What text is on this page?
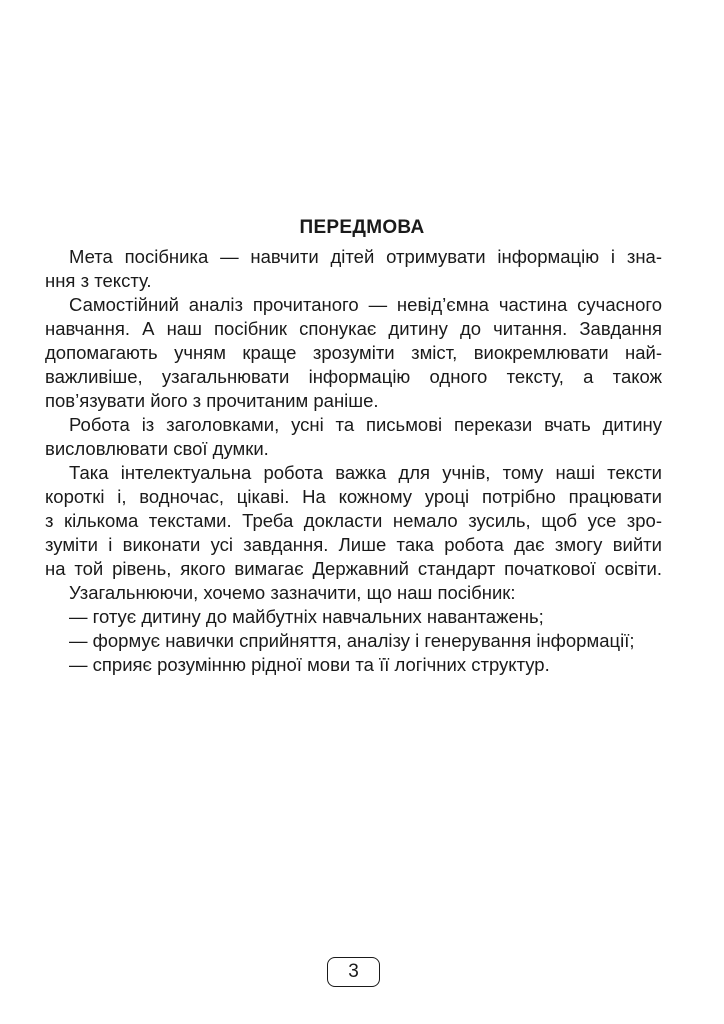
ПЕРЕДМОВА
Мета посібника — навчити дітей отримувати інформацію і зна-
ння з тексту.
Самостійний аналіз прочитаного — невід’ємна частина сучасного
навчання. А наш посібник спонукає дитину до читання. Завдання
допомагають учням краще зрозуміти зміст, виокремлювати най-
важливіше, узагальнювати інформацію одного тексту, а також
пов’язувати його з прочитаним раніше.
Робота із заголовками, усні та письмові перекази вчать дитину
висловлювати свої думки.
Така інтелектуальна робота важка для учнів, тому наші тексти
короткі і, водночас, цікаві. На кожному уроці потрібно працювати
з кількома текстами. Треба докласти немало зусиль, щоб усе зро-
зуміти і виконати усі завдання. Лише така робота дає змогу вийти
на той рівень, якого вимагає Державний стандарт початкової освіти.
Узагальнюючи, хочемо зазначити, що наш посібник:
— готує дитину до майбутніх навчальних навантажень;
— формує навички сприйняття, аналізу і генерування інформації;
— сприяє розумінню рідної мови та її логічних структур.
3
